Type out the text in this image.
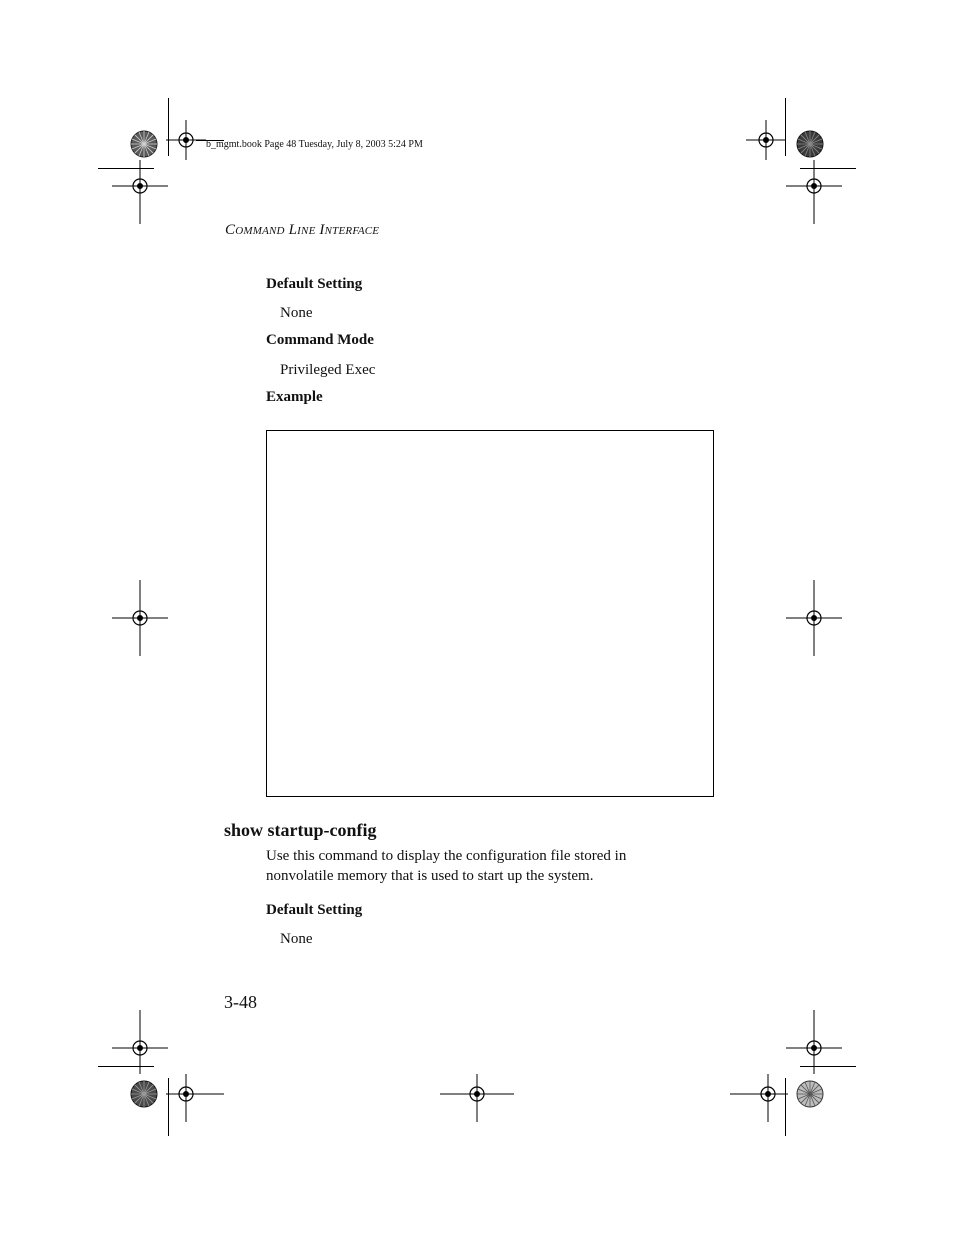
b_mgmt.book Page 48 Tuesday, July 8, 2003 5:24 PM
Command Line Interface
Default Setting
None
Command Mode
Privileged Exec
Example
show startup-config
Use this command to display the configuration file stored in
nonvolatile memory that is used to start up the system.
Default Setting
None
3-48
